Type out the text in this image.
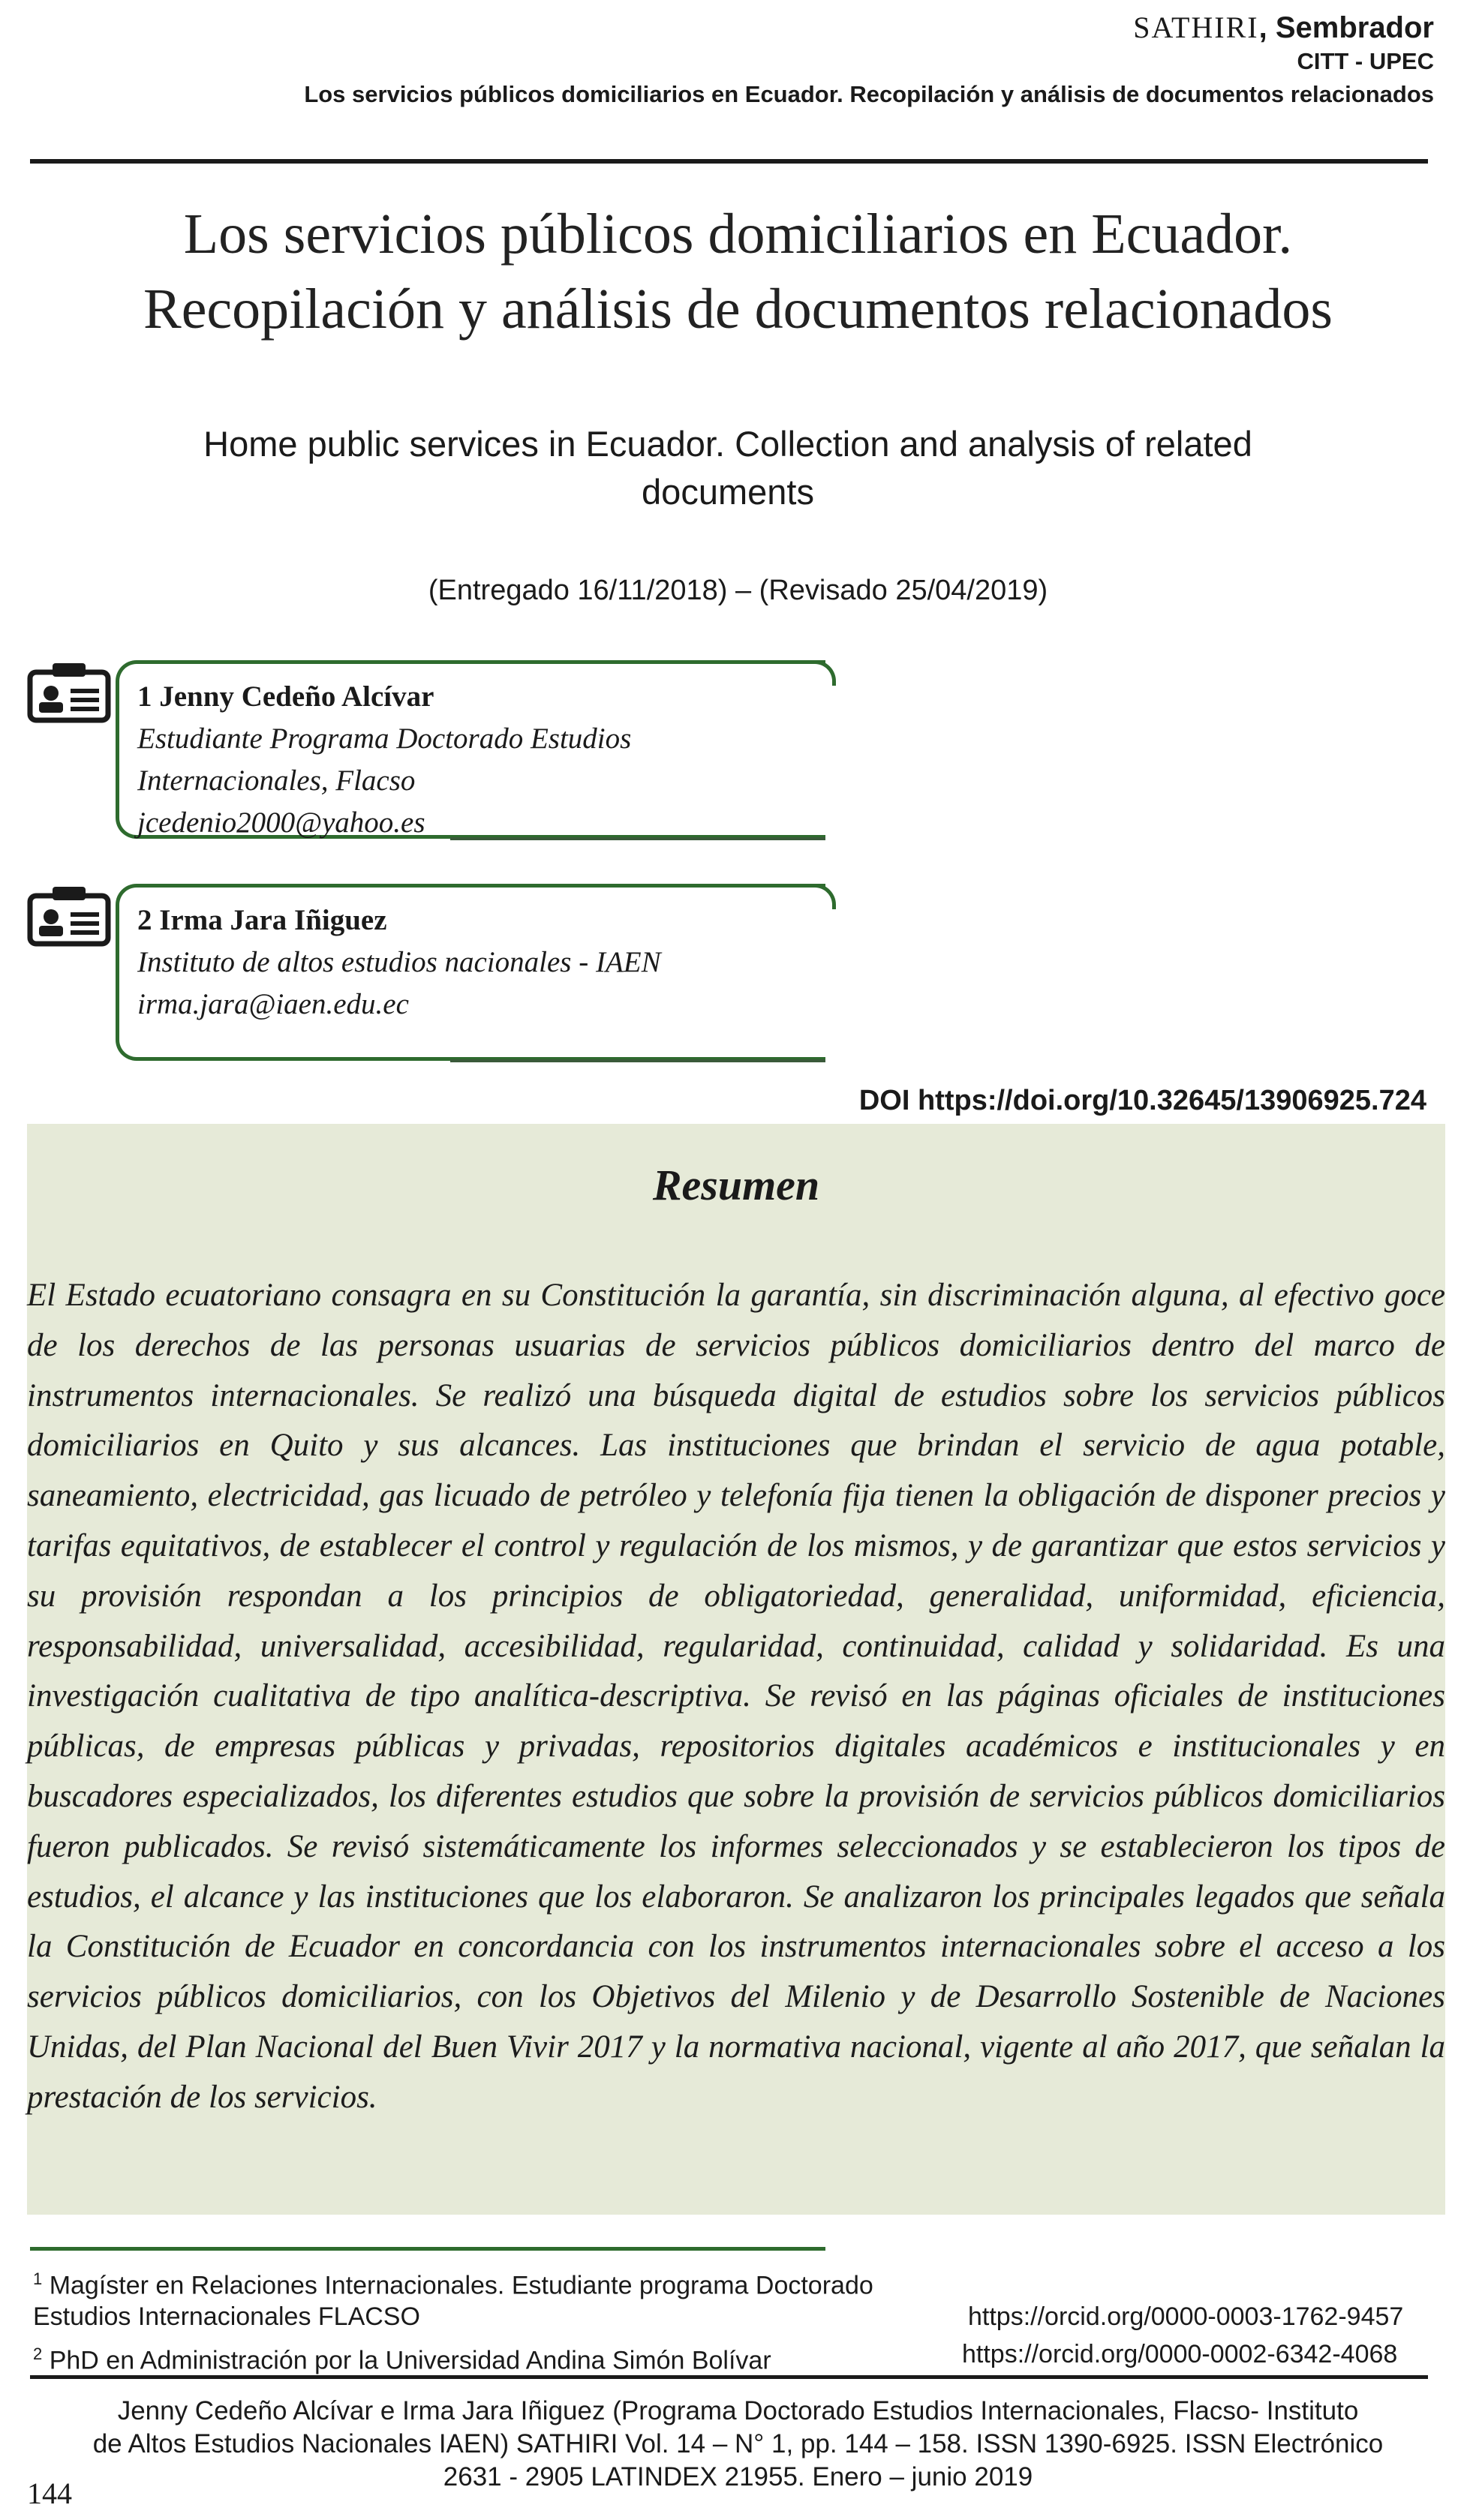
SATHIRI, Sembrador
CITT - UPEC
Los servicios públicos domiciliarios en Ecuador. Recopilación y análisis de documentos relacionados
Los servicios públicos domiciliarios en Ecuador.
Recopilación y análisis de documentos relacionados
Home public services in Ecuador. Collection and analysis of related documents
(Entregado 16/11/2018) – (Revisado 25/04/2019)
1 Jenny Cedeño Alcívar
Estudiante Programa Doctorado Estudios
Internacionales, Flacso
jcedenio2000@yahoo.es
2 Irma Jara Iñiguez
Instituto de altos estudios nacionales - IAEN
irma.jara@iaen.edu.ec
DOI https://doi.org/10.32645/13906925.724
Resumen
El Estado ecuatoriano consagra en su Constitución la garantía, sin discriminación alguna, al efectivo goce de los derechos de las personas usuarias de servicios públicos domiciliarios dentro del marco de instrumentos internacionales. Se realizó una búsqueda digital de estudios sobre los servicios públicos domiciliarios en Quito y sus alcances. Las instituciones que brindan el servicio de agua potable, saneamiento, electricidad, gas licuado de petróleo y telefonía fija tienen la obligación de disponer precios y tarifas equitativos, de establecer el control y regulación de los mismos, y de garantizar que estos servicios y su provisión respondan a los principios de obligatoriedad, generalidad, uniformidad, eficiencia, responsabilidad, universalidad, accesibilidad, regularidad, continuidad, calidad y solidaridad. Es una investigación cualitativa de tipo analítica-descriptiva. Se revisó en las páginas oficiales de instituciones públicas, de empresas públicas y privadas, repositorios digitales académicos e institucionales y en buscadores especializados, los diferentes estudios que sobre la provisión de servicios públicos domiciliarios fueron publicados. Se revisó sistemáticamente los informes seleccionados y se establecieron los tipos de estudios, el alcance y las instituciones que los elaboraron. Se analizaron los principales legados que señala la Constitución de Ecuador en concordancia con los instrumentos internacionales sobre el acceso a los servicios públicos domiciliarios, con los Objetivos del Milenio y de Desarrollo Sostenible de Naciones Unidas, del Plan Nacional del Buen Vivir 2017 y la normativa nacional, vigente al año 2017, que señalan la prestación de los servicios.
$^1$ Magíster en Relaciones Internacionales. Estudiante programa Doctorado
Estudios Internacionales FLACSO	https://orcid.org/0000-0003-1762-9457
$^2$ PhD en Administración por la Universidad Andina Simón Bolívar	https://orcid.org/0000-0002-6342-4068
Jenny Cedeño Alcívar e Irma Jara Iñiguez (Programa Doctorado Estudios Internacionales, Flacso- Instituto
de Altos Estudios Nacionales IAEN) SATHIRI Vol. 14 – N° 1, pp. 144 – 158. ISSN 1390-6925. ISSN Electrónico
2631 - 2905 LATINDEX 21955. Enero – junio 2019
144
